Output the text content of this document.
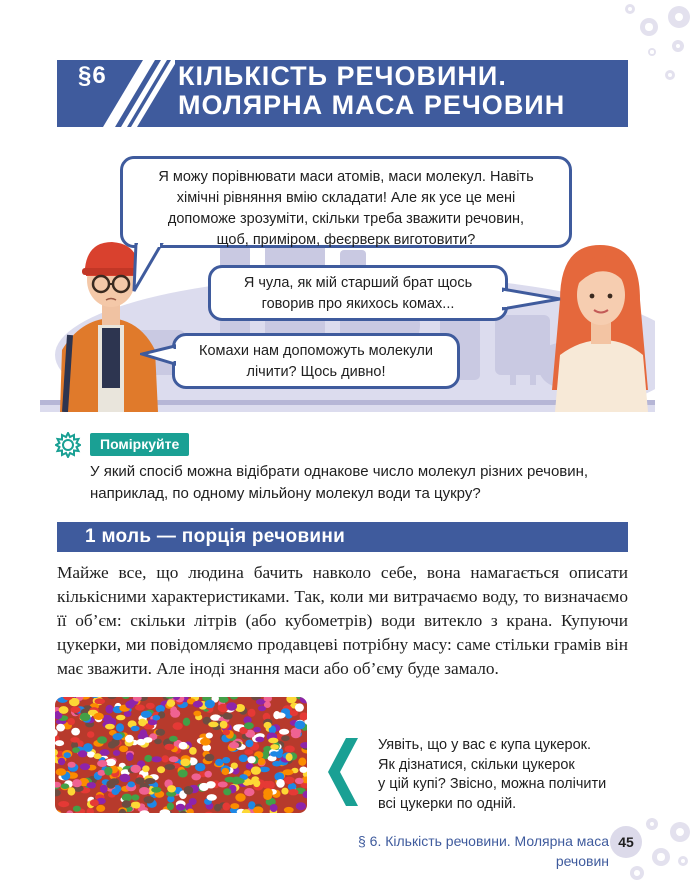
§6	КІЛЬКІСТЬ РЕЧОВИНИ.
МОЛЯРНА МАСА РЕЧОВИН
Я можу порівнювати маси атомів, маси молекул. Навіть
хімічні рівняння вмію складати! Але як усе це мені
допоможе зрозуміти, скільки треба зважити речовин,
щоб, приміром, феєрверк виготовити?
Я чула, як мій старший брат щось
говорив про якихось комах...
Комахи нам допоможуть молекули
лічити? Щось дивно!
Поміркуйте
У який спосіб можна відібрати однакове число молекул різних речовин,
наприклад, по одному мільйону молекул води та цукру?
1 моль — порція речовини
Майже все, що людина бачить навколо себе, вона намагається описати кількісними характеристиками. Так, коли ми витрачаємо воду, то визначаємо її об’єм: скільки літрів (або кубометрів) води витекло з крана. Купуючи цукерки, ми повідомляємо продавцеві потрібну масу: саме стільки грамів він має зважити. Але іноді знання маси або об’єму буде замало.
Уявіть, що у вас є купа цукерок.
Як дізнатися, скільки цукерок
у цій купі? Звісно, можна полічити
всі цукерки по одній.
§ 6. Кількість речовини. Молярна маса речовин
45
